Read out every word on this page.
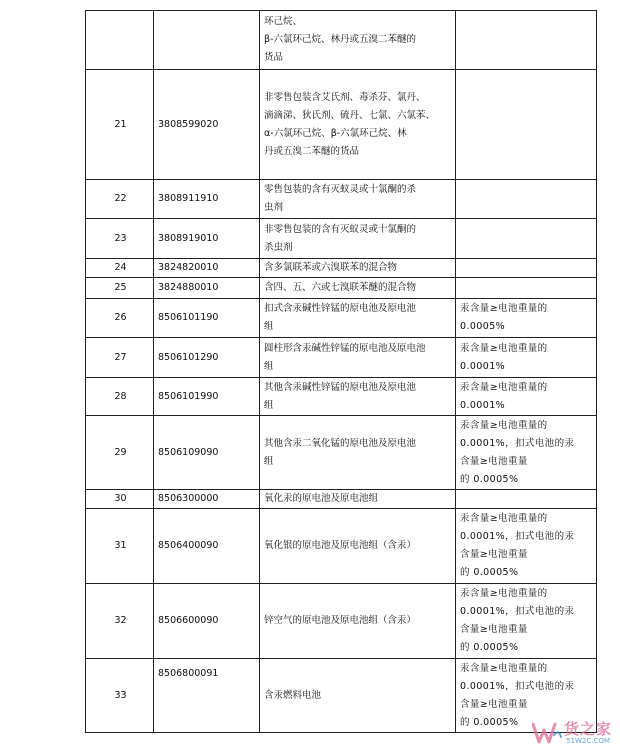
		环己烷、
β-六氯环己烷、林丹或五溴二苯醚的
货品	
21	3808599020	非零售包装含艾氏剂、毒杀芬、氯丹、
滴滴涕、狄氏剂、硫丹、七氯、六氯苯、
α-六氯环己烷、β-六氯环己烷、林
丹或五溴二苯醚的货品	
22	3808911910	零售包装的含有灭蚁灵或十氯酮的杀
虫剂	
23	3808919010	非零售包装的含有灭蚁灵或十氯酮的
杀虫剂	
24	3824820010	含多氯联苯或六溴联苯的混合物	
25	3824880010	含四、五、六或七溴联苯醚的混合物	
26	8506101190	扣式含汞碱性锌锰的原电池及原电池
组	汞含量≥电池重量的
0.0005%
27	8506101290	圆柱形含汞碱性锌锰的原电池及原电池
组	汞含量≥电池重量的
0.0001%
28	8506101990	其他含汞碱性锌锰的原电池及原电池
组	汞含量≥电池重量的
0.0001%
29	8506109090	其他含汞二氧化锰的原电池及原电池
组	汞含量≥电池重量的
0.0001%，扣式电池的汞
含量≥电池重量
的 0.0005%
30	8506300000	氧化汞的原电池及原电池组	
31	8506400090	氧化银的原电池及原电池组（含汞）	汞含量≥电池重量的
0.0001%，扣式电池的汞
含量≥电池重量
的 0.0005%
32	8506600090	锌空气的原电池及原电池组（含汞）	汞含量≥电池重量的
0.0001%，扣式电池的汞
含量≥电池重量
的 0.0005%
33	8506800091	含汞燃料电池	汞含量≥电池重量的
0.0001%，扣式电池的汞
含量≥电池重量
的 0.0005%	货之家
51W2C.COM
